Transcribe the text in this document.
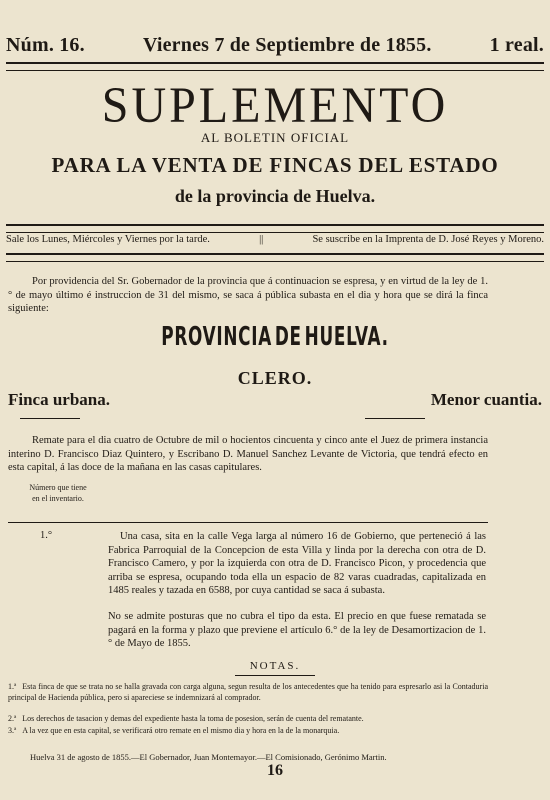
Núm. 16.	Viernes 7 de Septiembre de 1855.	1 real.
SUPLEMENTO
AL BOLETIN OFICIAL
PARA LA VENTA DE FINCAS DEL ESTADO
de la provincia de Huelva.
Sale los Lunes, Miércoles y Viernes por la tarde.	||	Se suscribe en la Imprenta de D. José Reyes y Moreno.
Por providencia del Sr. Gobernador de la provincia que á continuacion se espresa, y en virtud de la ley de 1.° de mayo último é instruccion de 31 del mismo, se saca á pública subasta en el dia y hora que se dirá la finca siguiente:
PROVINCIA DE HUELVA.
CLERO.
Finca urbana.	Menor cuantia.
Remate para el dia cuatro de Octubre de mil o hocientos cincuenta y cinco ante el Juez de primera instancia interino D. Francisco Diaz Quintero, y Escribano D. Manuel Sanchez Levante de Victoria, que tendrá efecto en esta capital, á las doce de la mañana en las casas capitulares.
Número que tiene en el inventario.
1.°	Una casa, sita en la calle Vega larga al número 16 de Gobierno, que perteneció á las Fabrica Parroquial de la Concepcion de esta Villa y linda por la derecha con otra de D. Francisco Camero, y por la izquierda con otra de D. Francisco Picon, y procedencia que arriba se espresa, ocupando toda ella un espacio de 82 varas cuadradas, capitalizada en 1485 reales y tazada en 6588, por cuya cantidad se saca á subasta.
No se admite posturas que no cubra el tipo da esta. El precio en que fuese rematada se pagará en la forma y plazo que previene el artículo 6.° de la ley de Desamortizacion de 1.° de Mayo de 1855.
NOTAS.
1.ª Esta finca de que se trata no se halla gravada con carga alguna, segun resulta de los antecedentes que ha tenido para espresarlo asi la Contaduria principal de Hacienda pública, pero si apareciese se indemnizará al comprador.
2.ª Los derechos de tasacion y demas del expediente hasta la toma de posesion, serán de cuenta del rematante.
3.ª A la vez que en esta capital, se verificará otro remate en el mismo dia y hora en la de la monarquia.
Huelva 31 de agosto de 1855.—El Gobernador, Juan Montemayor.—El Comisionado, Gerónimo Martin.
16
